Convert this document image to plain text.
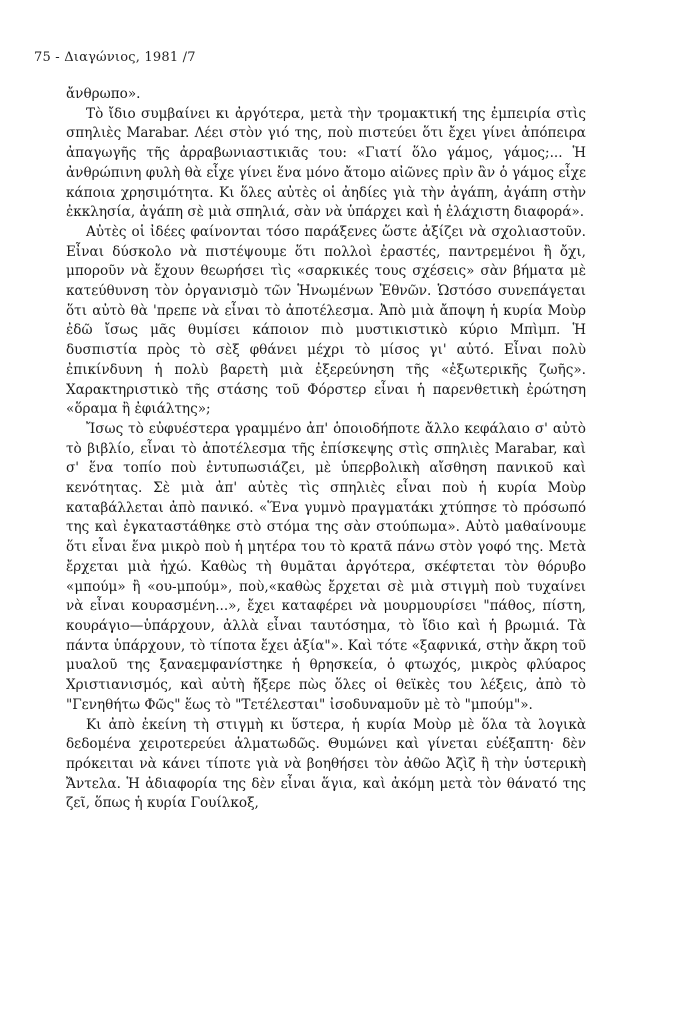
75 - Διαγώνιος, 1981 /7

ἄνθρωπο».

Τὸ ἴδιο συμβαίνει κι ἀργότερα, μετὰ τὴν τρομακτική της ἐμπειρία στὶς σπηλιὲς Marabar. Λέει στὸν γιό της, ποὺ πιστεύει ὅτι ἔχει γίνει ἀπόπειρα ἀπαγωγῆς τῆς ἀρραβωνιαστικιᾶς του: «Γιατί ὅλο γάμος, γάμος;... Ἡ ἀνθρώπινη φυλὴ θὰ εἶχε γίνει ἕνα μόνο ἄτομο αἰῶνες πρὶν ἂν ὁ γάμος εἶχε κάποια χρησιμότητα. Κι ὅλες αὐτὲς οἱ ἀηδίες γιὰ τὴν ἀγάπη, ἀγάπη στὴν ἐκκλησία, ἀγάπη σὲ μιὰ σπηλιά, σὰν νὰ ὑπάρχει καὶ ἡ ἐλάχιστη διαφορά».

Αὐτὲς οἱ ἰδέες φαίνονται τόσο παράξενες ὥστε ἀξίζει νὰ σχολιαστοῦν. Εἶναι δύσκολο νὰ πιστέψουμε ὅτι πολλοὶ ἐραστές, παντρεμένοι ἢ ὄχι, μποροῦν νὰ ἔχουν θεωρήσει τὶς «σαρκικές τους σχέσεις» σὰν βήματα μὲ κατεύθυνση τὸν ὀργανισμὸ τῶν Ἡνωμένων Ἐθνῶν. Ὡστόσο συνεπάγεται ὅτι αὐτὸ θὰ 'πρεπε νὰ εἶναι τὸ ἀποτέλεσμα. Ἀπὸ μιὰ ἄποψη ἡ κυρία Μοὺρ ἐδῶ ἴσως μᾶς θυμίσει κάποιον πιὸ μυστικιστικὸ κύριο Μπὶμπ. Ἡ δυσπιστία πρὸς τὸ σὲξ φθάνει μέχρι τὸ μίσος γι' αὐτό. Εἶναι πολὺ ἐπικίνδυνη ἡ πολὺ βαρετὴ μιὰ ἐξερεύνηση τῆς «ἐξωτερικῆς ζωῆς». Χαρακτηριστικὸ τῆς στάσης τοῦ Φόρστερ εἶναι ἡ παρενθετικὴ ἐρώτηση «ὅραμα ἢ ἐφιάλτης»;

Ἴσως τὸ εὐφυέστερα γραμμένο ἀπ' ὁποιοδήποτε ἄλλο κεφάλαιο σ' αὐτὸ τὸ βιβλίο, εἶναι τὸ ἀποτέλεσμα τῆς ἐπίσκεψης στὶς σπηλιὲς Marabar, καὶ σ' ἕνα τοπίο ποὺ ἐντυπωσιάζει, μὲ ὑπερβολικὴ αἴσθηση πανικοῦ καὶ κενότητας. Σὲ μιὰ ἀπ' αὐτὲς τὶς σπηλιὲς εἶναι ποὺ ἡ κυρία Μοὺρ καταβάλλεται ἀπὸ πανικό. «Ἕνα γυμνὸ πραγματάκι χτύπησε τὸ πρόσωπό της καὶ ἐγκαταστάθηκε στὸ στόμα της σὰν στούπωμα». Αὐτὸ μαθαίνουμε ὅτι εἶναι ἕνα μικρὸ ποὺ ἡ μητέρα του τὸ κρατᾶ πάνω στὸν γοφό της. Μετὰ ἔρχεται μιὰ ἠχώ. Καθὼς τὴ θυμᾶται ἀργότερα, σκέφτεται τὸν θόρυβο «μπούμ» ἢ «ου-μπούμ», ποὺ,«καθὼς ἔρχεται σὲ μιὰ στιγμὴ ποὺ τυχαίνει νὰ εἶναι κουρασμένη...», ἔχει καταφέρει νὰ μουρμουρίσει "πάθος, πίστη, κουράγιο—ὑπάρχουν, ἀλλὰ εἶναι ταυτόσημα, τὸ ἴδιο καὶ ἡ βρωμιά. Τὰ πάντα ὑπάρχουν, τὸ τίποτα ἔχει ἀξία"». Καὶ τότε «ξαφνικά, στὴν ἄκρη τοῦ μυαλοῦ της ξαναεμφανίστηκε ἡ θρησκεία, ὁ φτωχός, μικρὸς φλύαρος Χριστιανισμός, καὶ αὐτὴ ἤξερε πὼς ὅλες οἱ θεϊκὲς του λέξεις, ἀπὸ τὸ "Γενηθήτω Φῶς" ἕως τὸ "Τετέλεσται" ἰσοδυναμοῦν μὲ τὸ "μπούμ"».

Κι ἀπὸ ἐκείνη τὴ στιγμὴ κι ὕστερα, ἡ κυρία Μοὺρ μὲ ὅλα τὰ λογικὰ δεδομένα χειροτερεύει ἁλματωδῶς. Θυμώνει καὶ γίνεται εὐέξαπτη· δὲν πρόκειται νὰ κάνει τίποτε γιὰ νὰ βοηθήσει τὸν ἀθῶο Ἀζὶζ ἢ τὴν ὑστερικὴ Ἄντελα. Ἡ ἀδιαφορία της δὲν εἶναι ἅγια, καὶ ἀκόμη μετὰ τὸν θάνατό της ζεῖ, ὅπως ἡ κυρία Γουίλκοξ,
